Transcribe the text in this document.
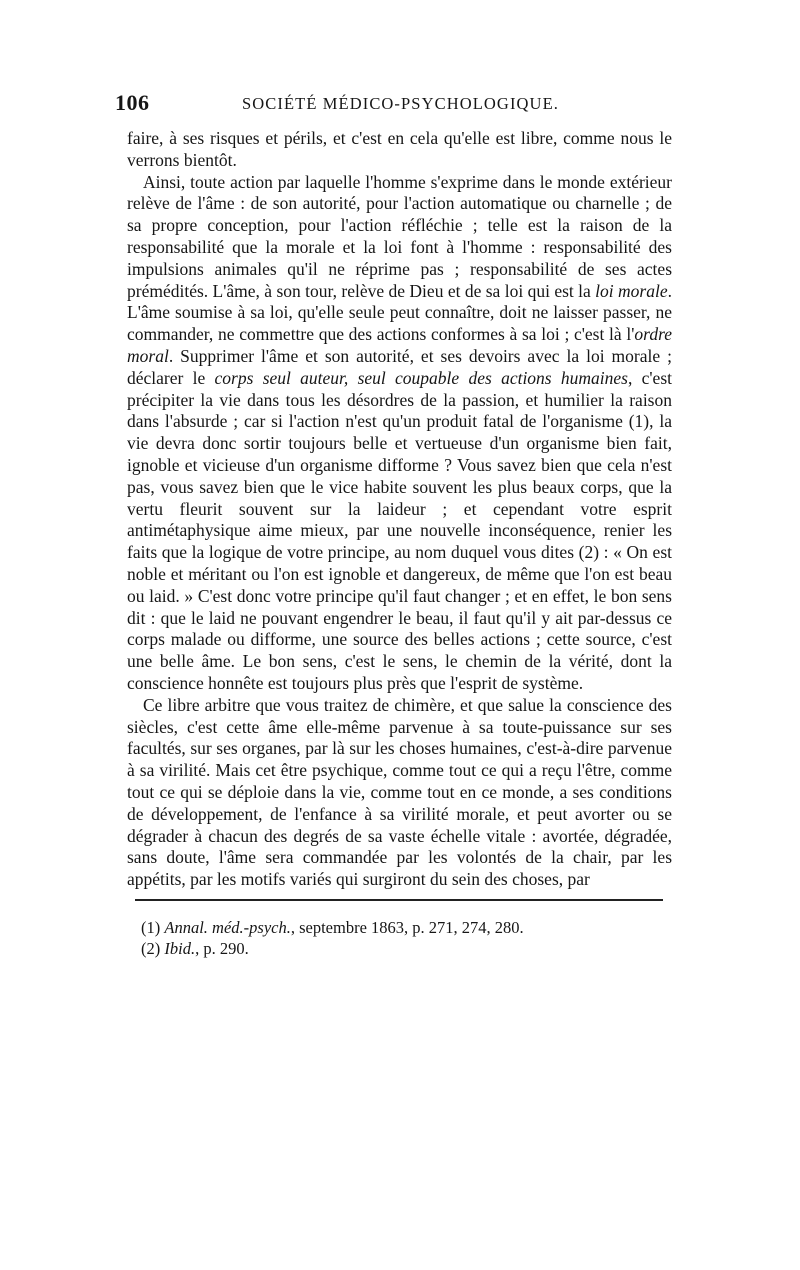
106	SOCIÉTÉ MÉDICO-PSYCHOLOGIQUE.

faire, à ses risques et périls, et c'est en cela qu'elle est libre, comme nous le verrons bientôt.

Ainsi, toute action par laquelle l'homme s'exprime dans le monde extérieur relève de l'âme : de son autorité, pour l'action automatique ou charnelle ; de sa propre conception, pour l'action réfléchie ; telle est la raison de la responsabilité que la morale et la loi font à l'homme : responsabilité des impulsions animales qu'il ne réprime pas ; responsabilité de ses actes prémédités. L'âme, à son tour, relève de Dieu et de sa loi qui est la loi morale. L'âme soumise à sa loi, qu'elle seule peut connaître, doit ne laisser passer, ne commander, ne commettre que des actions conformes à sa loi ; c'est là l'ordre moral. Supprimer l'âme et son autorité, et ses devoirs avec la loi morale ; déclarer le corps seul auteur, seul coupable des actions humaines, c'est précipiter la vie dans tous les désordres de la passion, et humilier la raison dans l'absurde ; car si l'action n'est qu'un produit fatal de l'organisme (1), la vie devra donc sortir toujours belle et vertueuse d'un organisme bien fait, ignoble et vicieuse d'un organisme difforme ? Vous savez bien que cela n'est pas, vous savez bien que le vice habite souvent les plus beaux corps, que la vertu fleurit souvent sur la laideur ; et cependant votre esprit antimétaphysique aime mieux, par une nouvelle inconséquence, renier les faits que la logique de votre principe, au nom duquel vous dites (2) : « On est noble et méritant ou l'on est ignoble et dangereux, de même que l'on est beau ou laid. » C'est donc votre principe qu'il faut changer ; et en effet, le bon sens dit : que le laid ne pouvant engendrer le beau, il faut qu'il y ait par-dessus ce corps malade ou difforme, une source des belles actions ; cette source, c'est une belle âme. Le bon sens, c'est le sens, le chemin de la vérité, dont la conscience honnête est toujours plus près que l'esprit de système.

Ce libre arbitre que vous traitez de chimère, et que salue la conscience des siècles, c'est cette âme elle-même parvenue à sa toute-puissance sur ses facultés, sur ses organes, par là sur les choses humaines, c'est-à-dire parvenue à sa virilité. Mais cet être psychique, comme tout ce qui a reçu l'être, comme tout ce qui se déploie dans la vie, comme tout en ce monde, a ses conditions de développement, de l'enfance à sa virilité morale, et peut avorter ou se dégrader à chacun des degrés de sa vaste échelle vitale : avortée, dégradée, sans doute, l'âme sera commandée par les volontés de la chair, par les appétits, par les motifs variés qui surgiront du sein des choses, par

(1) Annal. méd.-psych., septembre 1863, p. 271, 274, 280.
(2) Ibid., p. 290.
